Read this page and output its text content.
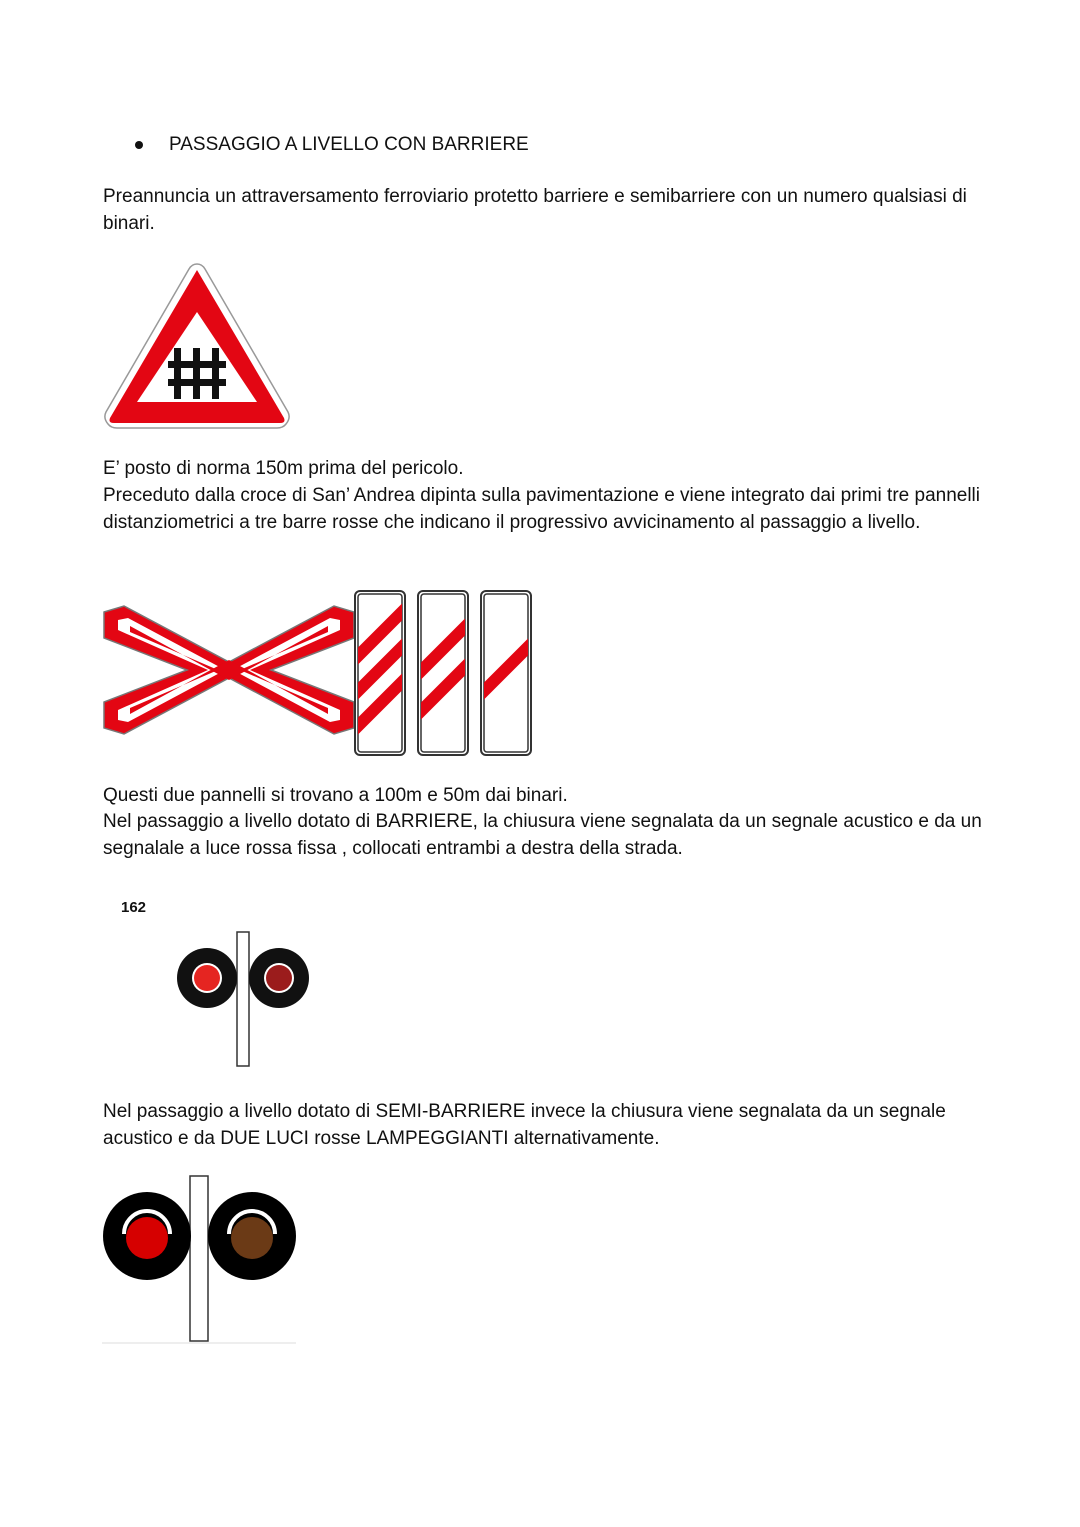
PASSAGGIO A LIVELLO CON BARRIERE

Preannuncia un attraversamento ferroviario protetto barriere e semibarriere con un numero qualsiasi di binari.

E’ posto di norma 150m prima del pericolo.

Preceduto dalla croce di San’ Andrea dipinta sulla pavimentazione e viene integrato dai primi tre pannelli distanziometrici a tre barre rosse che indicano il progressivo avvicinamento al passaggio a livello.

Questi due pannelli si trovano a 100m e 50m dai binari.

Nel passaggio a livello dotato di BARRIERE, la chiusura viene segnalata da un segnale acustico e da un segnalale a luce rossa fissa , collocati entrambi a destra della strada.

162

Nel passaggio a livello dotato di SEMI-BARRIERE invece la chiusura viene segnalata da un segnale acustico e da DUE LUCI rosse LAMPEGGIANTI alternativamente.
